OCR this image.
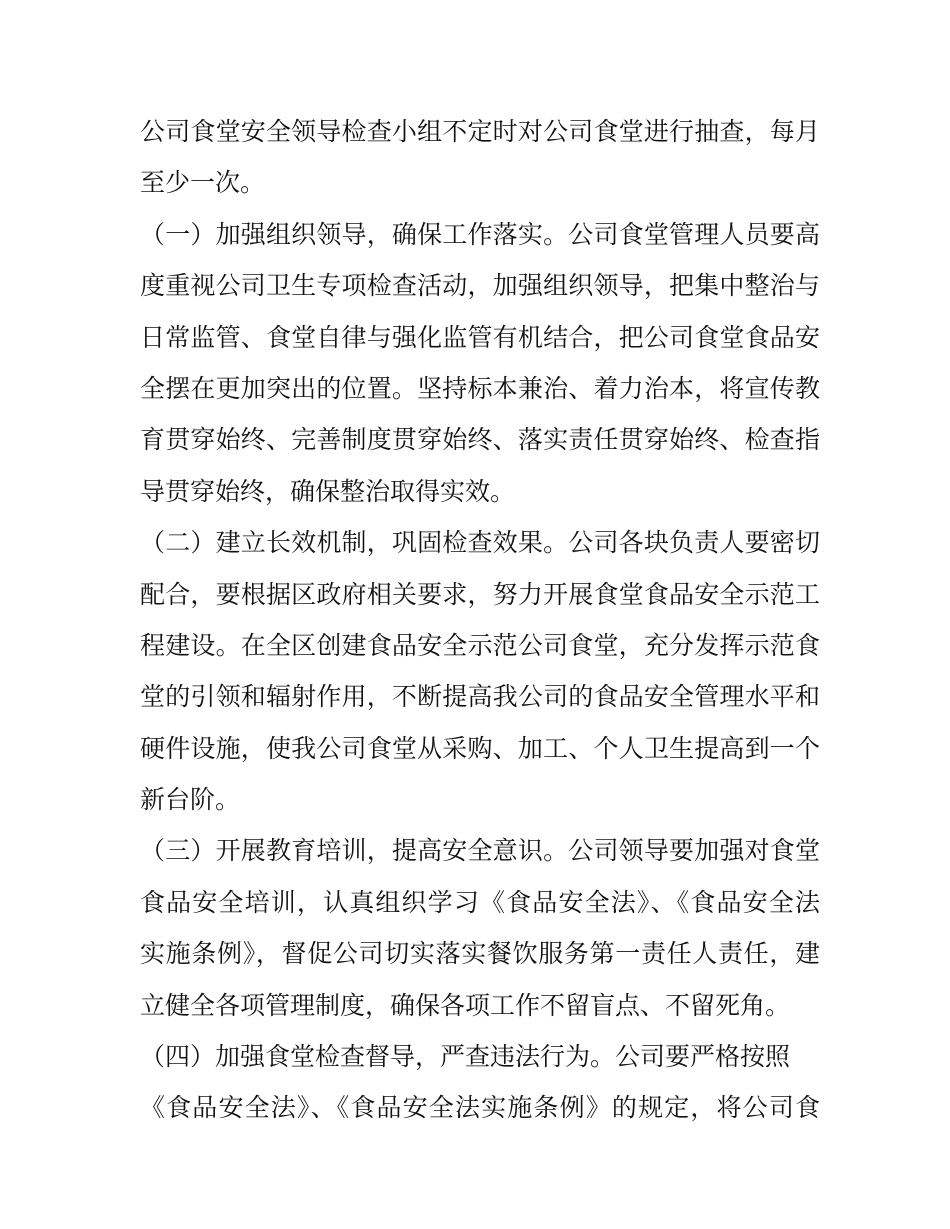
公司食堂安全领导检查小组不定时对公司食堂进行抽查，每月
至少一次。
（一）加强组织领导，确保工作落实。公司食堂管理人员要高
度重视公司卫生专项检查活动，加强组织领导，把集中整治与
日常监管、食堂自律与强化监管有机结合，把公司食堂食品安
全摆在更加突出的位置。坚持标本兼治、着力治本，将宣传教
育贯穿始终、完善制度贯穿始终、落实责任贯穿始终、检查指
导贯穿始终，确保整治取得实效。
（二）建立长效机制，巩固检查效果。公司各块负责人要密切
配合，要根据区政府相关要求，努力开展食堂食品安全示范工
程建设。在全区创建食品安全示范公司食堂，充分发挥示范食
堂的引领和辐射作用，不断提高我公司的食品安全管理水平和
硬件设施，使我公司食堂从采购、加工、个人卫生提高到一个
新台阶。
（三）开展教育培训，提高安全意识。公司领导要加强对食堂
食品安全培训，认真组织学习《食品安全法》、《食品安全法
实施条例》，督促公司切实落实餐饮服务第一责任人责任，建
立健全各项管理制度，确保各项工作不留盲点、不留死角。
（四）加强食堂检查督导，严查违法行为。公司要严格按照
《食品安全法》、《食品安全法实施条例》的规定，将公司食
